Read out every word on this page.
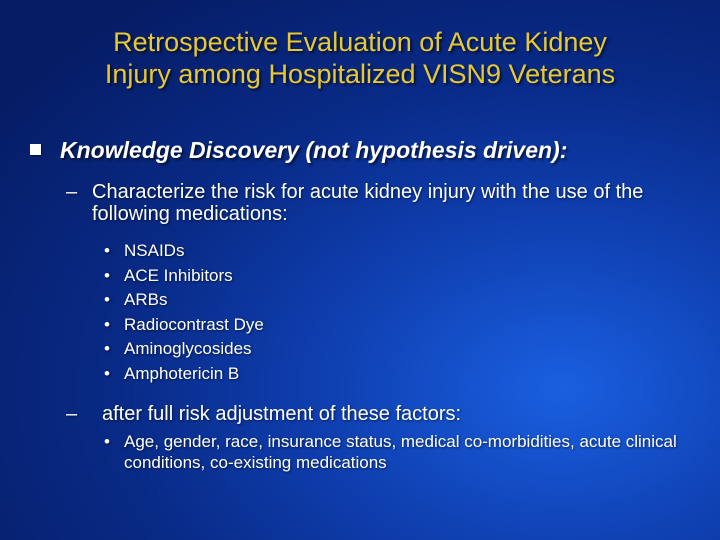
Retrospective Evaluation of Acute Kidney
Injury among Hospitalized VISN9 Veterans
Knowledge Discovery (not hypothesis driven):
– Characterize the risk for acute kidney injury with the use of the following medications:
• NSAIDs
• ACE Inhibitors
• ARBs
• Radiocontrast Dye
• Aminoglycosides
• Amphotericin B
–	after full risk adjustment of these factors:
• Age, gender, race, insurance status, medical co-morbidities, acute clinical conditions, co-existing medications
